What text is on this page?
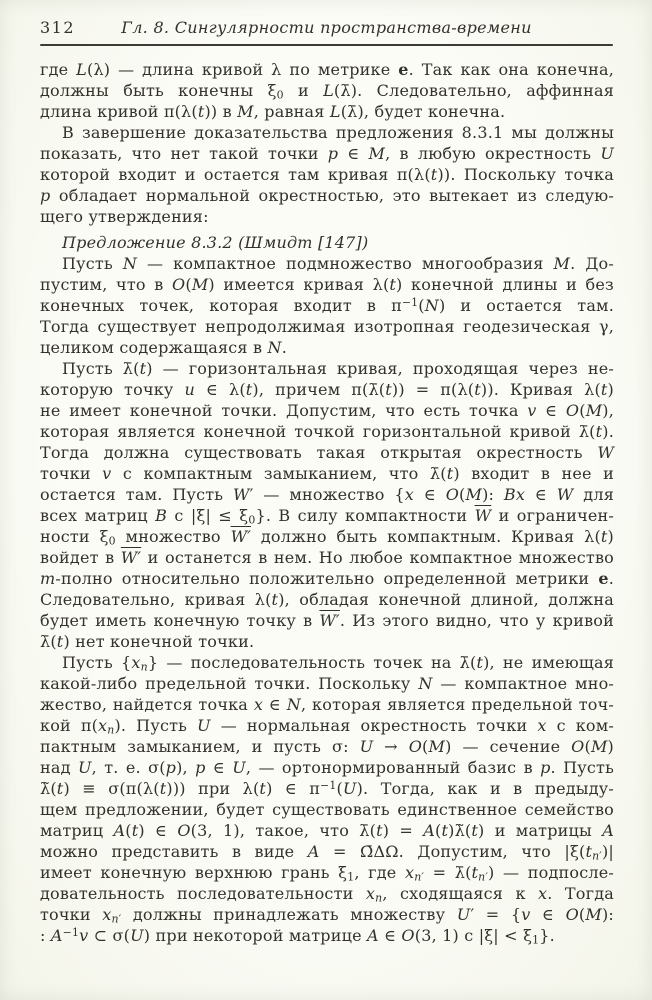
312	Гл. 8. Сингулярности пространства-времени
где L(λ) — длина кривой λ по метрике e. Так как она конечна,
должны быть конечны $\xi_0$ и L(λ̄). Следовательно, аффинная
длина кривой π(λ(t)) в M, равная L(λ̄), будет конечна.
В завершение доказательства предложения 8.3.1 мы должны
показать, что нет такой точки p ∈ M, в любую окрестность U
которой входит и остается там кривая π(λ(t)). Поскольку точка
p обладает нормальной окрестностью, это вытекает из следую-
щего утверждения:
Предложение 8.3.2 (Шмидт [147])
Пусть N — компактное подмножество многообразия M. До-
пустим, что в O(M) имеется кривая λ(t) конечной длины и без
конечных точек, которая входит в $\pi^{-1}(N)$ и остается там.
Тогда существует непродолжимая изотропная геодезическая γ,
целиком содержащаяся в N.
Пусть λ̄(t) — горизонтальная кривая, проходящая через не-
которую точку u ∈ λ(t), причем π(λ̄(t)) = π(λ(t)). Кривая λ(t)
не имеет конечной точки. Допустим, что есть точка v ∈ O(M),
которая является конечной точкой горизонтальной кривой λ̄(t).
Тогда должна существовать такая открытая окрестность W
точки v с компактным замыканием, что λ̄(t) входит в нее и
остается там. Пусть W′ — множество {x ∈ O(M): Bx ∈ W для
всех матриц B с $|\xi| \le \xi_0$}. В силу компактности $\overline{W}$ и ограничен-
ности $\xi_0$ множество W′ должно быть компактным. Кривая λ(t)
войдет в W′ и останется в нем. Но любое компактное множество
m-полно относительно положительно определенной метрики e.
Следовательно, кривая λ(t), обладая конечной длиной, должна
будет иметь конечную точку в W′. Из этого видно, что у кривой
λ̄(t) нет конечной точки.
Пусть $\{x_n\}$ — последовательность точек на λ̄(t), не имеющая
какой-либо предельной точки. Поскольку N — компактное мно-
жество, найдется точка x ∈ N, которая является предельной точ-
кой $\pi(x_n)$. Пусть U — нормальная окрестность точки x с ком-
пактным замыканием, и пусть σ: U → O(M) — сечение O(M)
над U, т. е. σ(p), p ∈ U, — ортонормированный базис в p. Пусть
λ̃(t) ≡ σ(π(λ(t))) при λ(t) ∈ $\pi^{-1}(U)$. Тогда, как и в предыду-
щем предложении, будет существовать единственное семейство
матриц A(t) ∈ O(3, 1), такое, что λ̄(t) = A(t)λ̃(t) и матрицы A
можно представить в виде A = Ω̄ΔΩ. Допустим, что $|\xi(t_{n'})|$
имеет конечную верхнюю грань $\xi_1$, где $x_{n'}$ = $\lambdā(t_{n'})$ — подпосле-
довательность последовательности $x_n$, сходящаяся к x. Тогда
точки $x_{n'}$ должны принадлежать множеству U′ = {v ∈ O(M):
: $A^{-1}v$ ⊂ σ(U) при некоторой матрице A ∈ O(3, 1) с $|\xi| < \xi_1$}.
